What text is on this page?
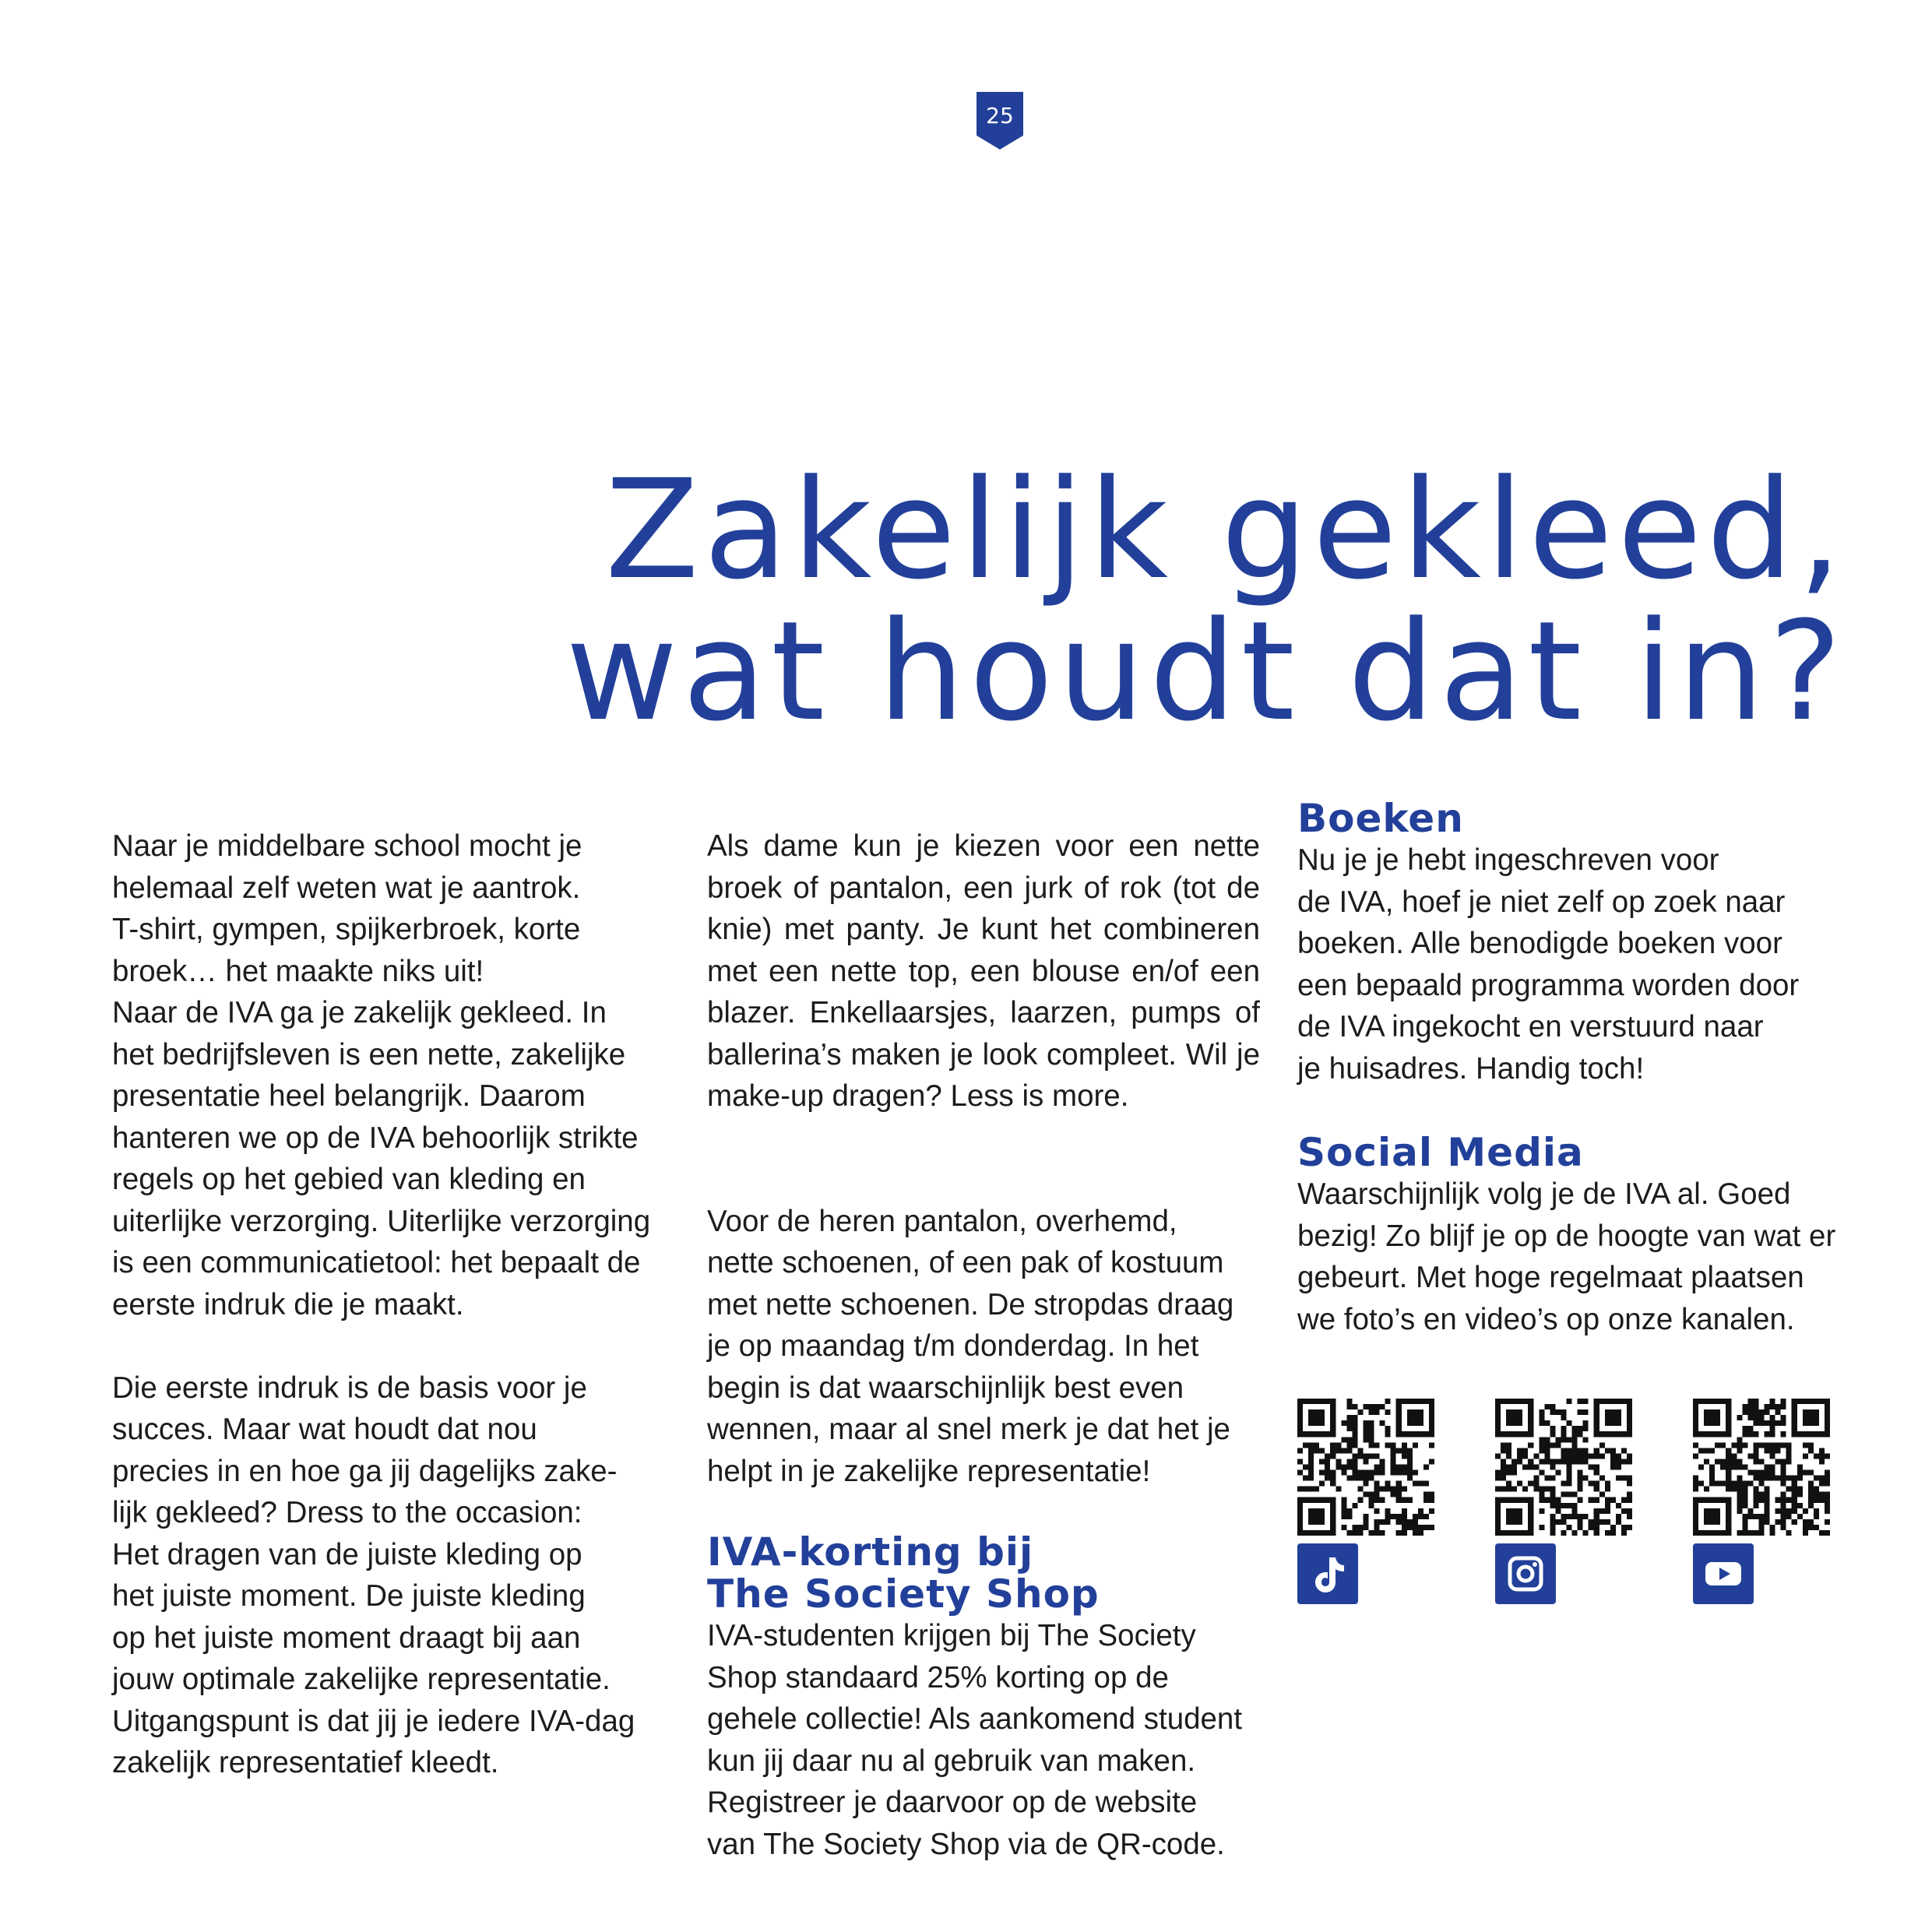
25
Zakelijk gekleed,
wat houdt dat in?

Naar je middelbare school mocht je

helemaal zelf weten wat je aantrok.

T-shirt, gympen, spijkerbroek, korte

broek… het maakte niks uit!

Naar de IVA ga je zakelijk gekleed. In

het bedrijfsleven is een nette, zakelijke

presentatie heel belangrijk. Daarom

hanteren we op de IVA behoorlijk strikte

regels op het gebied van kleding en

uiterlijke verzorging. Uiterlijke verzorging

is een communicatietool: het bepaalt de

eerste indruk die je maakt.

Die eerste indruk is de basis voor je

succes. Maar wat houdt dat nou

precies in en hoe ga jij dagelijks zake-

lijk gekleed? Dress to the occasion:

Het dragen van de juiste kleding op

het juiste moment. De juiste kleding

op het juiste moment draagt bij aan

jouw optimale zakelijke representatie.

Uitgangspunt is dat jij je iedere IVA-dag

zakelijk representatief kleedt.

Als dame kun je kiezen voor een nette broek of pantalon, een jurk of rok (tot de knie) met panty. Je kunt het combineren met een nette top, een blouse en/of een blazer. Enkellaarsjes, laarzen, pumps of ballerina’s maken je look compleet. Wil je make-up dragen? Less is more.

Voor de heren pantalon, overhemd,

nette schoenen, of een pak of kostuum

met nette schoenen. De stropdas draag

je op maandag t/m donderdag. In het

begin is dat waarschijnlijk best even

wennen, maar al snel merk je dat het je

helpt in je zakelijke representatie!

IVA-korting bij
The Society Shop

IVA-studenten krijgen bij The Society

Shop standaard 25% korting op de

gehele collectie! Als aankomend student

kun jij daar nu al gebruik van maken.

Registreer je daarvoor op de website

van The Society Shop via de QR-code.

Boeken

Nu je je hebt ingeschreven voor

de IVA, hoef je niet zelf op zoek naar

boeken. Alle benodigde boeken voor

een bepaald programma worden door

de IVA ingekocht en verstuurd naar

je huisadres. Handig toch!

Social Media

Waarschijnlijk volg je de IVA al. Goed

bezig! Zo blijf je op de hoogte van wat er

gebeurt. Met hoge regelmaat plaatsen

we foto’s en video’s op onze kanalen.
